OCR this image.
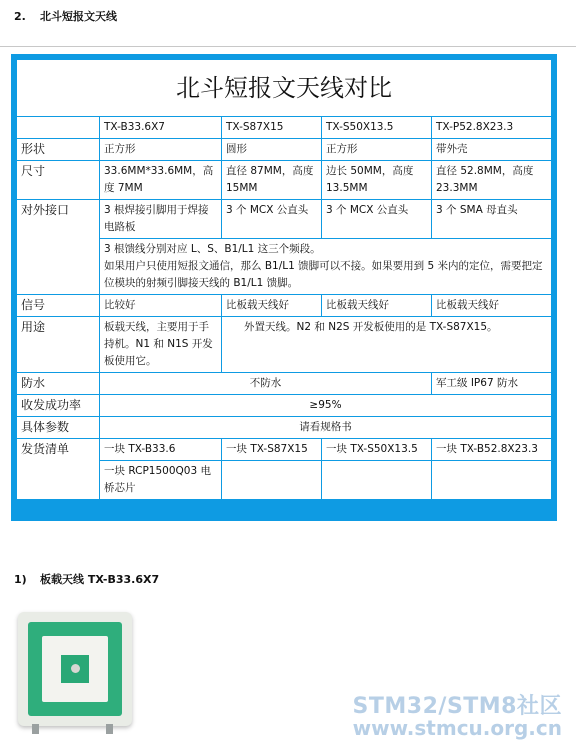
2. 北斗短报文天线
北斗短报文天线对比				
	TX-B33.6X7	TX-S87X15	TX-S50X13.5	TX-P52.8X23.3
形状	正方形	圆形	正方形	带外壳
尺寸	33.6MM*33.6MM，高度 7MM	直径 87MM，高度 15MM	边长 50MM，高度 13.5MM	直径 52.8MM，高度 23.3MM
对外接口	3 根焊接引脚用于焊接电路板	3 个 MCX 公直头	3 个 MCX 公直头	3 个 SMA 母直头

	3 根馈线分别对应 L、S、B1/L1 这三个频段。
如果用户只使用短报文通信，那么 B1/L1 馈脚可以不接。如果要用到 5 米内的定位，需要把定位模块的射频引脚接天线的 B1/L1 馈脚。			

信号	比较好	比板载天线好	比板载天线好	比板载天线好
用途	板载天线，主要用于手持机。N1 和 N1S 开发板使用它。	外置天线。N2 和 N2S 开发板使用的是 TX-S87X15。		
防水	不防水			军工级 IP67 防水
收发成功率	≥95%			
具体参数	请看规格书			
发货清单	一块 TX-B33.6	一块 TX-S87X15	一块 TX-S50X13.5	一块 TX-B52.8X23.3
	一块 RCP1500Q03 电桥芯片			
1) 板载天线 TX-B33.6X7
STM32/STM8社区
www.stmcu.org.cn
